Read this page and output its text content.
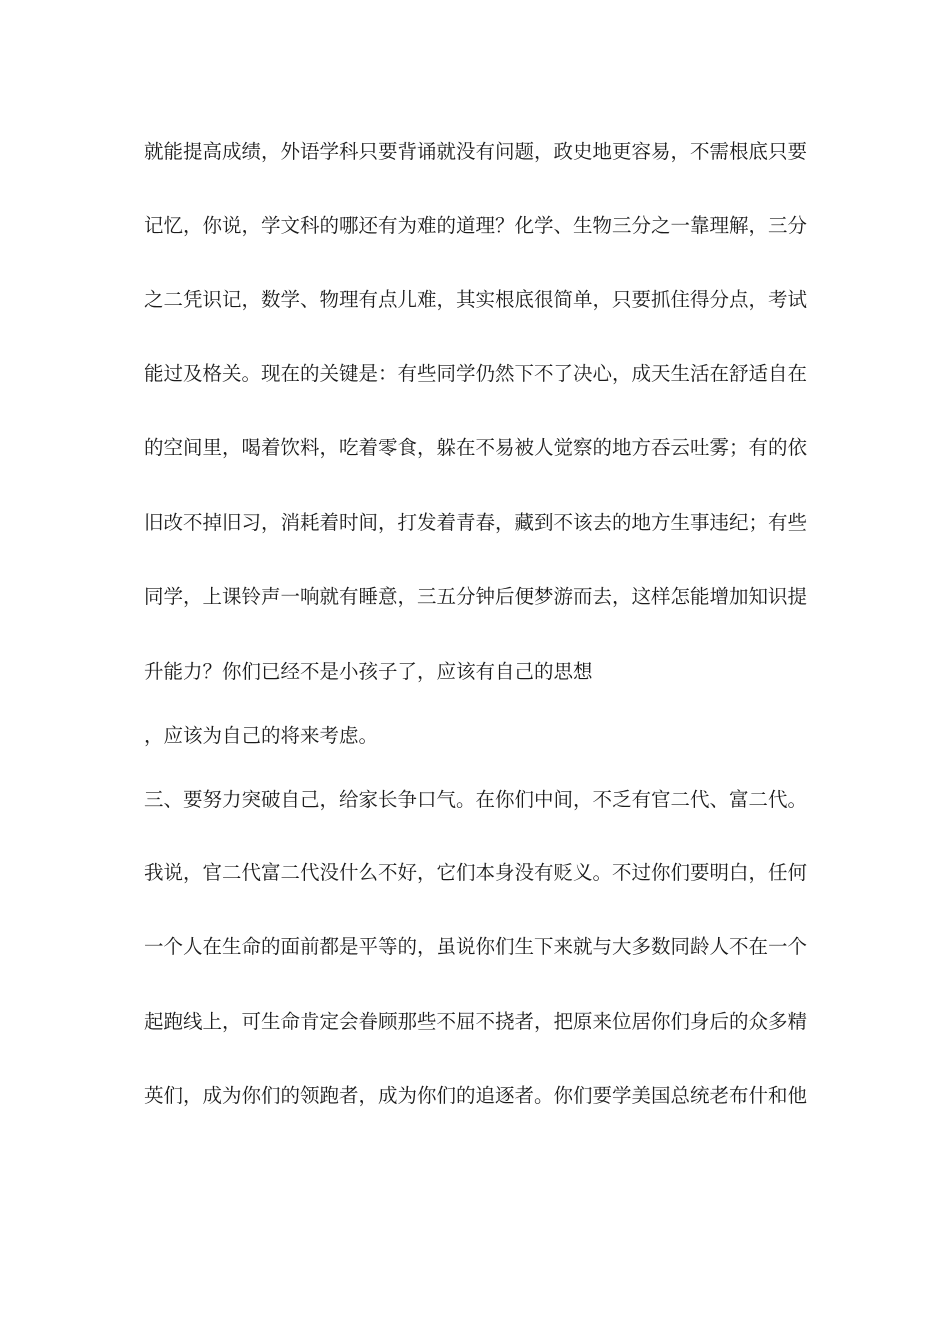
就能提高成绩，外语学科只要背诵就没有问题，政史地更容易，不需根底只要
记忆，你说，学文科的哪还有为难的道理？化学、生物三分之一靠理解，三分
之二凭识记，数学、物理有点儿难，其实根底很简单，只要抓住得分点，考试
能过及格关。现在的关键是：有些同学仍然下不了决心，成天生活在舒适自在
的空间里，喝着饮料，吃着零食，躲在不易被人觉察的地方吞云吐雾；有的依
旧改不掉旧习，消耗着时间，打发着青春，藏到不该去的地方生事违纪；有些
同学，上课铃声一响就有睡意，三五分钟后便梦游而去，这样怎能增加知识提
升能力？你们已经不是小孩子了，应该有自己的思想
，应该为自己的将来考虑。
三、要努力突破自己，给家长争口气。在你们中间，不乏有官二代、富二代。
我说，官二代富二代没什么不好，它们本身没有贬义。不过你们要明白，任何
一个人在生命的面前都是平等的，虽说你们生下来就与大多数同龄人不在一个
起跑线上，可生命肯定会眷顾那些不屈不挠者，把原来位居你们身后的众多精
英们，成为你们的领跑者，成为你们的追逐者。你们要学美国总统老布什和他
